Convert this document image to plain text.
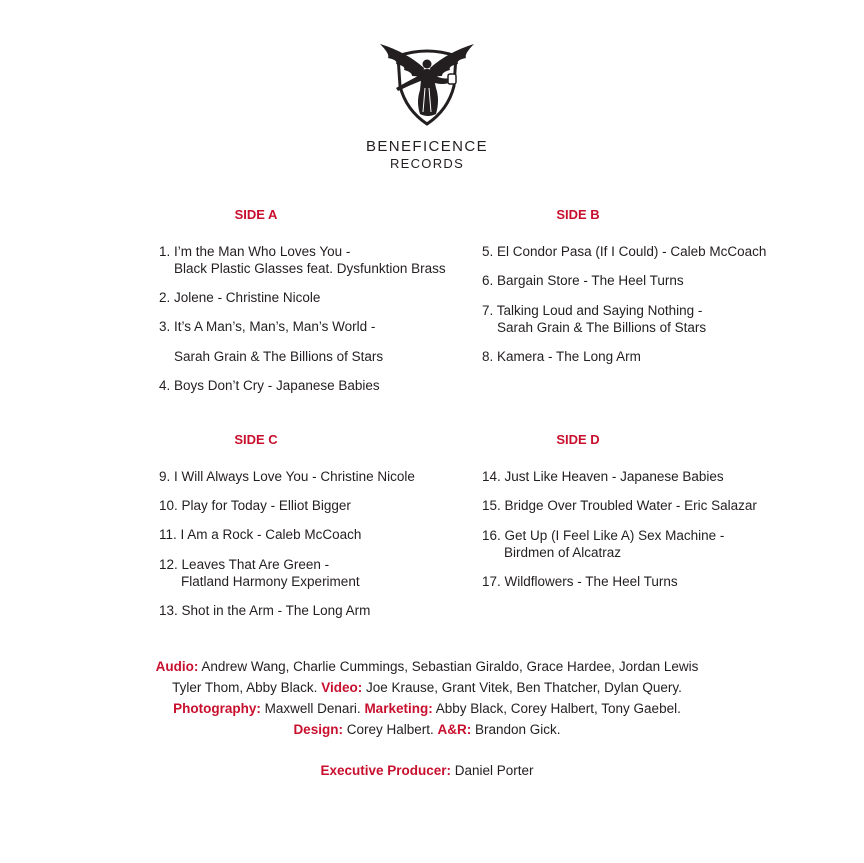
BENEFICENCE
RECORDS
SIDE A
1. I’m the Man Who Loves You -
Black Plastic Glasses feat. Dysfunktion Brass
2. Jolene - Christine Nicole
3. It’s A Man’s, Man’s, Man’s World -
Sarah Grain & The Billions of Stars
4. Boys Don’t Cry - Japanese Babies
SIDE B
5. El Condor Pasa (If I Could) - Caleb McCoach
6. Bargain Store - The Heel Turns
7. Talking Loud and Saying Nothing -
Sarah Grain & The Billions of Stars
8. Kamera - The Long Arm
SIDE C
9. I Will Always Love You - Christine Nicole
10. Play for Today - Elliot Bigger
11. I Am a Rock - Caleb McCoach
12. Leaves That Are Green -
Flatland Harmony Experiment
13. Shot in the Arm - The Long Arm
SIDE D
14. Just Like Heaven - Japanese Babies
15. Bridge Over Troubled Water - Eric Salazar
16. Get Up (I Feel Like A) Sex Machine -
Birdmen of Alcatraz
17. Wildflowers - The Heel Turns
Audio: Andrew Wang, Charlie Cummings, Sebastian Giraldo, Grace Hardee, Jordan Lewis
Tyler Thom, Abby Black. Video: Joe Krause, Grant Vitek, Ben Thatcher, Dylan Query.
Photography: Maxwell Denari. Marketing: Abby Black, Corey Halbert, Tony Gaebel.
Design: Corey Halbert. A&R: Brandon Gick.
Executive Producer: Daniel Porter
